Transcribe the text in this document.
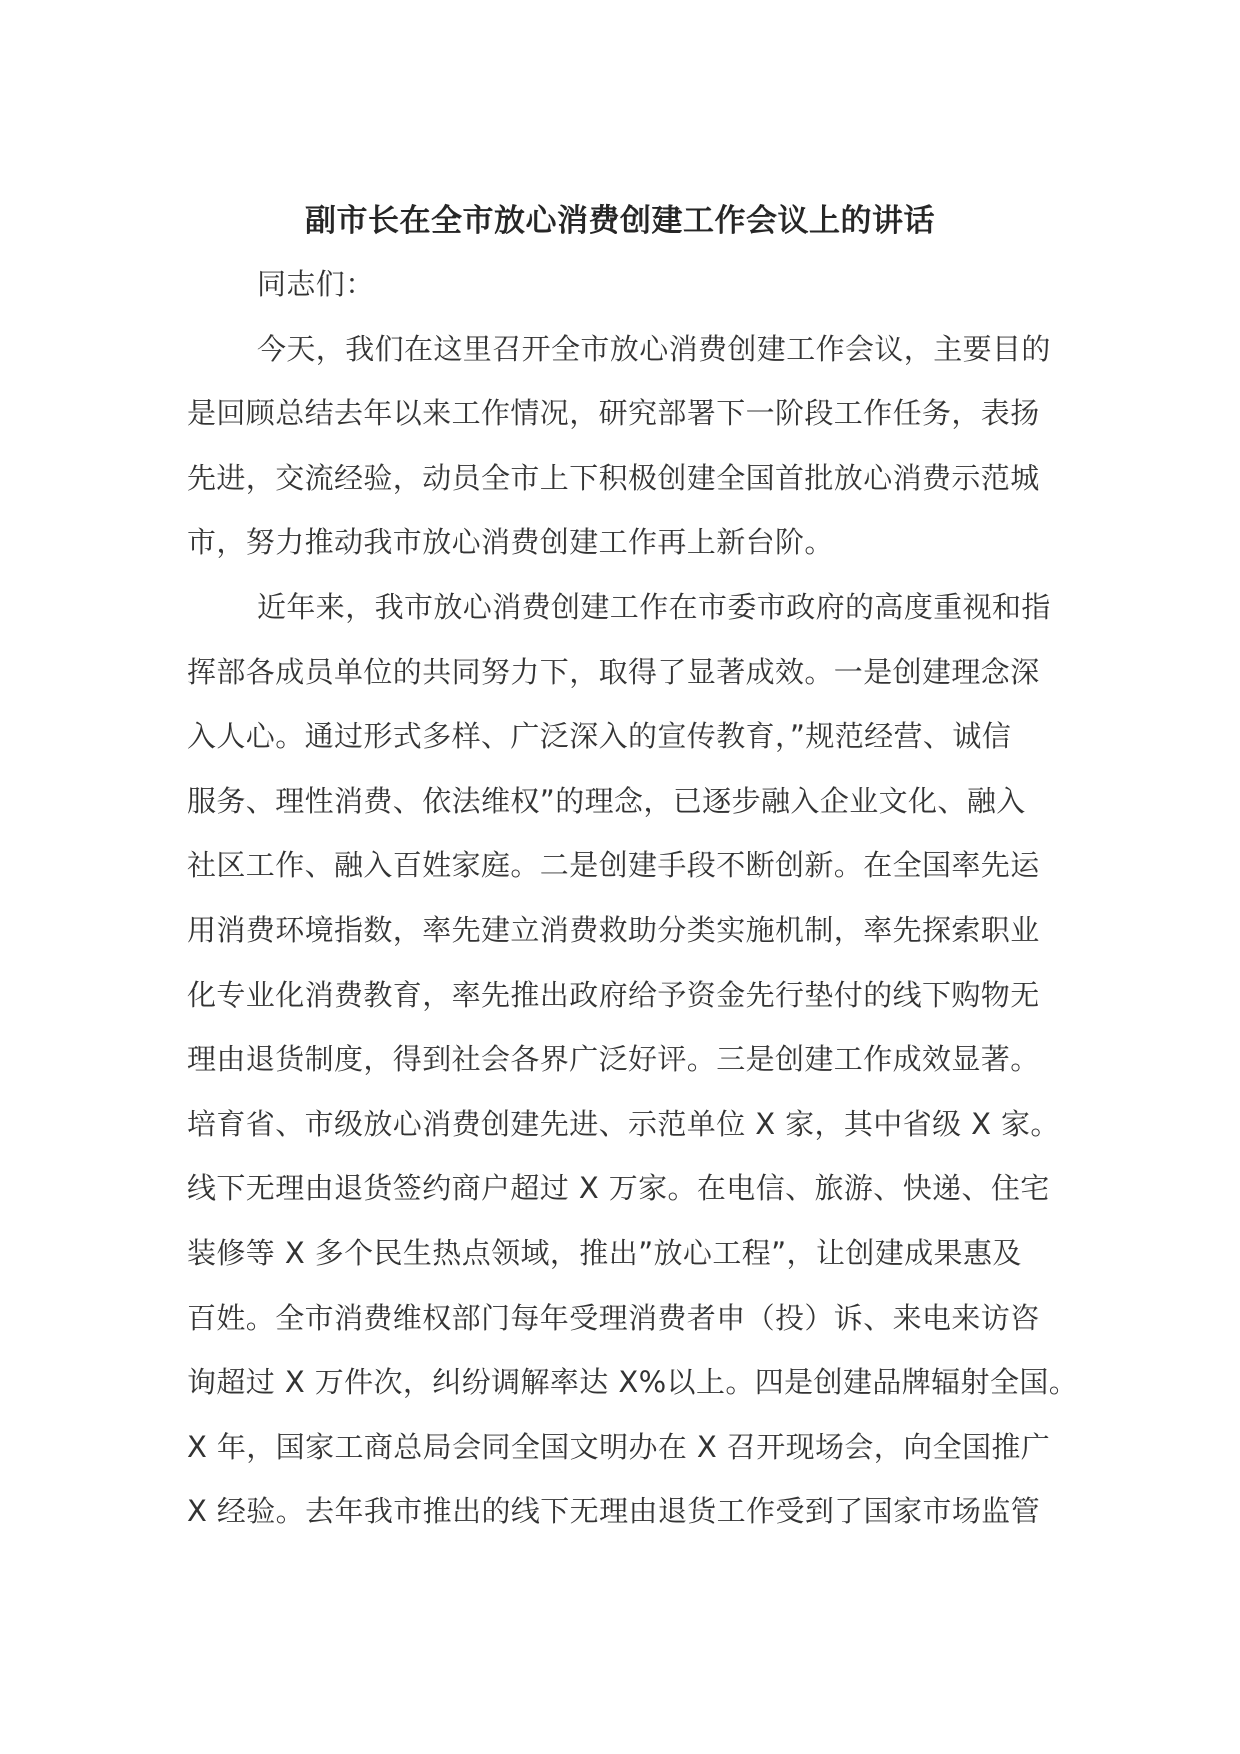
副市长在全市放心消费创建工作会议上的讲话
同志们：
今天，我们在这里召开全市放心消费创建工作会议，主要目的
是回顾总结去年以来工作情况，研究部署下一阶段工作任务，表扬
先进，交流经验，动员全市上下积极创建全国首批放心消费示范城
市，努力推动我市放心消费创建工作再上新台阶。
近年来，我市放心消费创建工作在市委市政府的高度重视和指
挥部各成员单位的共同努力下，取得了显著成效。一是创建理念深
入人心。通过形式多样、广泛深入的宣传教育，”规范经营、诚信
服务、理性消费、依法维权”的理念，已逐步融入企业文化、融入
社区工作、融入百姓家庭。二是创建手段不断创新。在全国率先运
用消费环境指数，率先建立消费救助分类实施机制，率先探索职业
化专业化消费教育，率先推出政府给予资金先行垫付的线下购物无
理由退货制度，得到社会各界广泛好评。三是创建工作成效显著。
培育省、市级放心消费创建先进、示范单位 X 家，其中省级 X 家。
线下无理由退货签约商户超过 X 万家。在电信、旅游、快递、住宅
装修等 X 多个民生热点领域，推出”放心工程”，让创建成果惠及
百姓。全市消费维权部门每年受理消费者申（投）诉、来电来访咨
询超过 X 万件次，纠纷调解率达 X%以上。四是创建品牌辐射全国。
X 年，国家工商总局会同全国文明办在 X 召开现场会，向全国推广
X 经验。去年我市推出的线下无理由退货工作受到了国家市场监管
